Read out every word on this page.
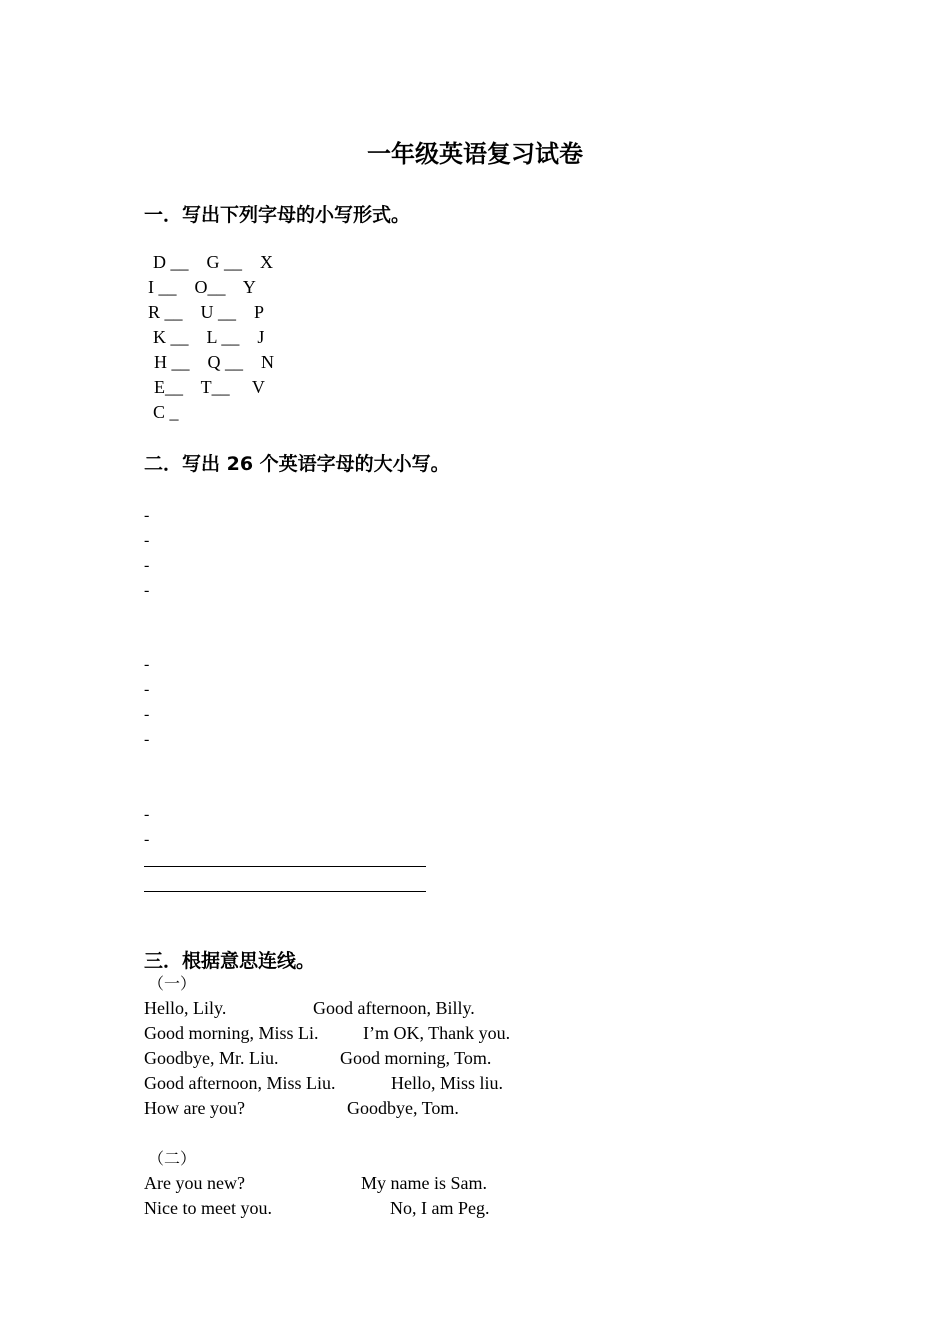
一年级英语复习试卷
一．写出下列字母的小写形式。
D __    G __    X
I __    O__    Y
R __    U __    P
K __    L __    J
H __    Q __    N
E__    T__     V
C _
二．写出 26 个英语字母的大小写。
-
-
-
-
-
-
-
-
-
-
三．根据意思连线。
（一）
Hello, Lily.	Good afternoon, Billy.
Good morning, Miss Li. I’m OK, Thank you.
Goodbye, Mr. Liu.	Good morning, Tom.
Good afternoon, Miss Liu.	Hello, Miss liu.
How are you?	Goodbye, Tom.
（二）
Are you new?	My name is Sam.
Nice to meet you.	No, I am Peg.
